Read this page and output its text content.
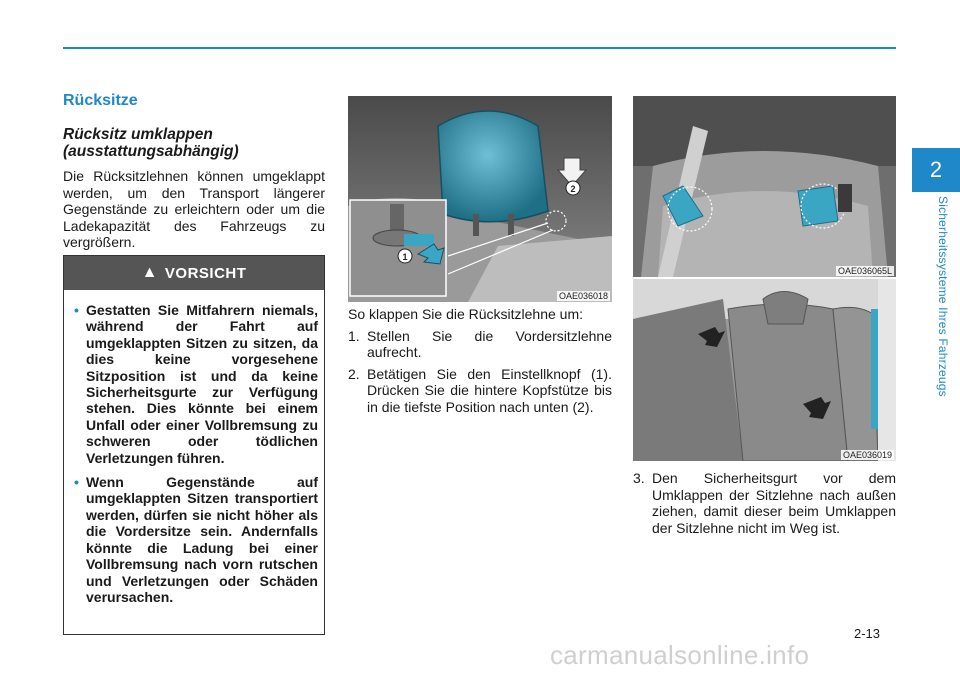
2
Sicherheitssysteme Ihres Fahrzeugs
Rücksitze
Rücksitz umklappen (ausstattungsabhängig)

Die Rücksitzlehnen können umgeklappt werden, um den Transport längerer Gegenstände zu erleichtern oder um die Ladekapazität des Fahrzeugs zu vergrößern.

▲ VORSICHT
• Gestatten Sie Mitfahrern niemals, während der Fahrt auf umgeklappten Sitzen zu sitzen, da dies keine vorgesehene Sitzposition ist und da keine Sicherheitsgurte zur Verfügung stehen. Dies könnte bei einem Unfall oder einer Vollbremsung zu schweren oder tödlichen Verletzungen führen.
• Wenn Gegenstände auf umgeklappten Sitzen transportiert werden, dürfen sie nicht höher als die Vordersitze sein. Andernfalls könnte die Ladung bei einer Vollbremsung nach vorn rutschen und Verletzungen oder Schäden verursachen.
2
1
OAE036018
OAE036065L
OAE036019

So klappen Sie die Rücksitzlehne um:

1. Stellen Sie die Vordersitzlehne aufrecht.
2. Betätigen Sie den Einstellknopf (1). Drücken Sie die hintere Kopfstütze bis in die tiefste Position nach unten (2).
3. Den Sicherheitsgurt vor dem Umklappen der Sitzlehne nach außen ziehen, damit dieser beim Umklappen der Sitzlehne nicht im Weg ist.
2-13
carmanualsonline.info
